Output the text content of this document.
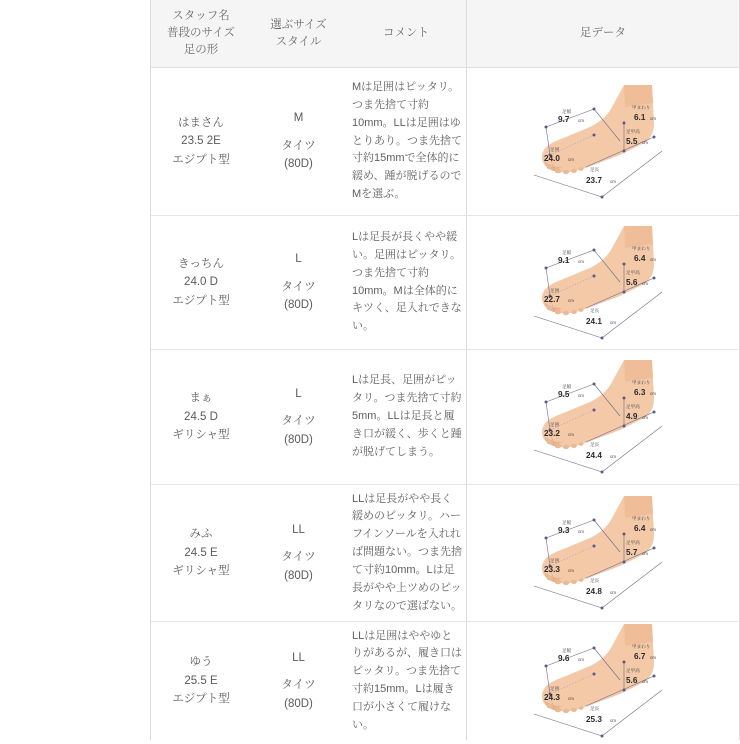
スタッフ名
普段のサイズ
足の形
選ぶサイズ
スタイル
コメント	足データ
はまさん
23.5 2E
エジプト型
M
タイツ
(80D)
Mは足囲はピッタリ。つま先捨て寸約10mm。LLは足囲はゆとりあり。つま先捨て寸約15mmで全体的に緩め、踵が脱げるのでMを選ぶ。
足幅
9.7 cm
足囲
24.0 cm
足長
23.7 cm
甲まわり
6.1 cm
足甲高
5.5 cm
きっちん
24.0 D
エジプト型
L
タイツ
(80D)
Lは足長が長くやや緩い。足囲はピッタリ。つま先捨て寸約10mm。Mは全体的にキツく、足入れできない。
足幅
9.1 cm
足囲
22.7 cm
足長
24.1 cm
甲まわり
6.4 cm
足甲高
5.6 cm
まぁ
24.5 D
ギリシャ型
L
タイツ
(80D)
Lは足長、足囲がピッタリ。つま先捨て寸約5mm。LLは足長と履き口が緩く、歩くと踵が脱げてしまう。
足幅
9.5 cm
足囲
23.2 cm
足長
24.4 cm
甲まわり
6.3 cm
足甲高
4.9 cm
みふ
24.5 E
ギリシャ型
LL
タイツ
(80D)
LLは足長がやや長く緩めのピッタリ。ハーフインソールを入れれば問題ない。つま先捨て寸約10mm。Lは足長がやや上ツめのピッタリなので選ばない。
足幅
9.3 cm
足囲
23.3 cm
足長
24.8 cm
甲まわり
6.4 cm
足甲高
5.7 cm
ゆう
25.5 E
エジプト型
LL
タイツ
(80D)
LLは足囲はややゆとりがあるが、履き口はピッタリ。つま先捨て寸約15mm。Lは履き口が小さくて履けない。
足幅
9.6 cm
足囲
24.3 cm
足長
25.3 cm
甲まわり
6.7 cm
足甲高
5.6 cm
